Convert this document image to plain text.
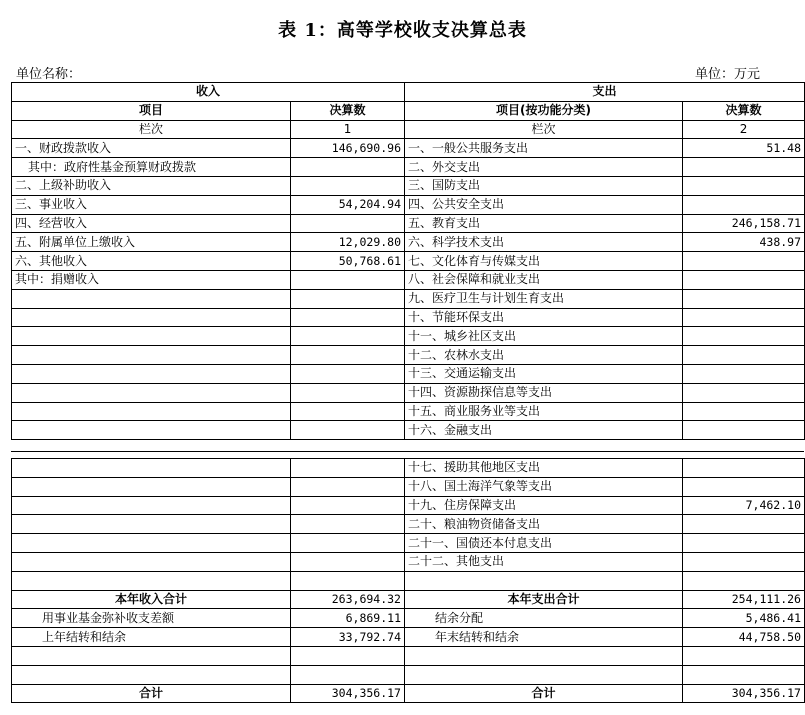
表 1：高等学校收支决算总表
单位名称：	单位：万元
收入		支出	
项目	决算数	项目(按功能分类)	决算数
栏次	1	栏次	2
一、财政拨款收入	146,690.96	一、一般公共服务支出	51.48
其中：政府性基金预算财政拨款		二、外交支出	
二、上级补助收入		三、国防支出	
三、事业收入	54,204.94	四、公共安全支出	
四、经营收入		五、教育支出	246,158.71
五、附属单位上缴收入	12,029.80	六、科学技术支出	438.97
六、其他收入	50,768.61	七、文化体育与传媒支出	
其中：捐赠收入		八、社会保障和就业支出	
		九、医疗卫生与计划生育支出	
		十、节能环保支出	
		十一、城乡社区支出	
		十二、农林水支出	
		十三、交通运输支出	
		十四、资源勘探信息等支出	
		十五、商业服务业等支出	
		十六、金融支出	
		十七、援助其他地区支出	
		十八、国土海洋气象等支出	
		十九、住房保障支出	7,462.10
		二十、粮油物资储备支出	
		二十一、国债还本付息支出	
		二十二、其他支出	

本年收入合计	263,694.32	本年支出合计	254,111.26
用事业基金弥补收支差额	6,869.11	结余分配	5,486.41
上年结转和结余	33,792.74	年末结转和结余	44,758.50

合计	304,356.17	合计	304,356.17
